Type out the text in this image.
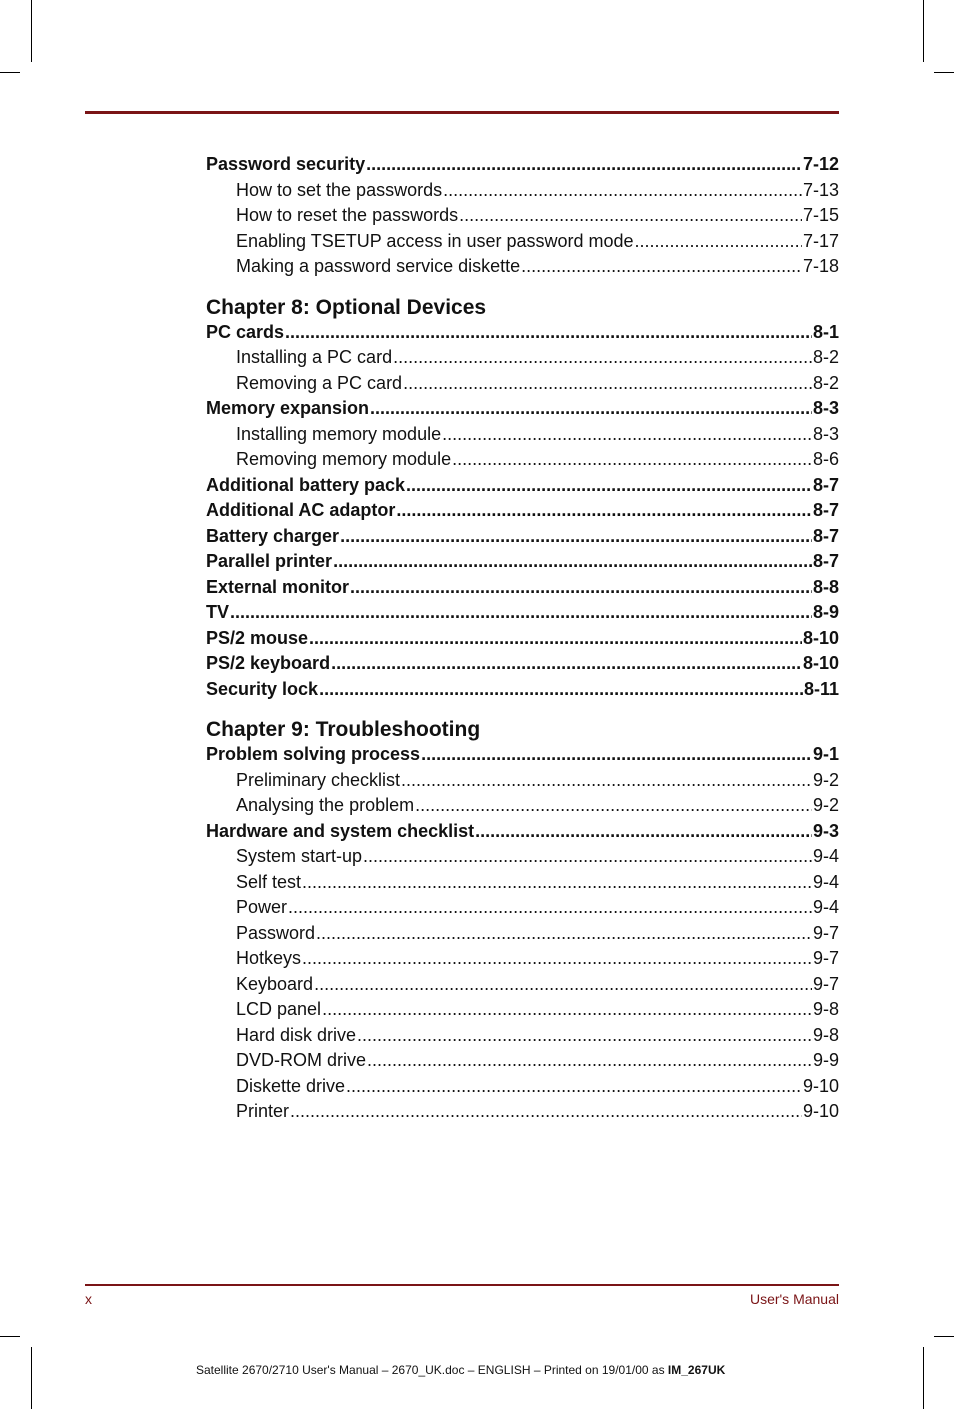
Password security .....	7-12
How to set the passwords .....	7-13
How to reset the passwords .....	7-15
Enabling TSETUP access in user password mode .....	7-17
Making a password service diskette .....	7-18
Chapter 8: Optional Devices
PC cards .....	8-1
Installing a PC card .....	8-2
Removing a PC card .....	8-2
Memory expansion .....	8-3
Installing memory module .....	8-3
Removing memory module .....	8-6
Additional battery pack .....	8-7
Additional AC adaptor .....	8-7
Battery charger .....	8-7
Parallel printer .....	8-7
External monitor .....	8-8
TV .....	8-9
PS/2 mouse .....	8-10
PS/2 keyboard .....	8-10
Security lock .....	8-11
Chapter 9: Troubleshooting
Problem solving process .....	9-1
Preliminary checklist .....	9-2
Analysing the problem .....	9-2
Hardware and system checklist .....	9-3
System start-up .....	9-4
Self test .....	9-4
Power .....	9-4
Password .....	9-7
Hotkeys .....	9-7
Keyboard .....	9-7
LCD panel .....	9-8
Hard disk drive .....	9-8
DVD-ROM drive .....	9-9
Diskette drive .....	9-10
Printer .....	9-10
x	User's Manual
Satellite 2670/2710 User's Manual – 2670_UK.doc – ENGLISH – Printed on 19/01/00 as IM_267UK
